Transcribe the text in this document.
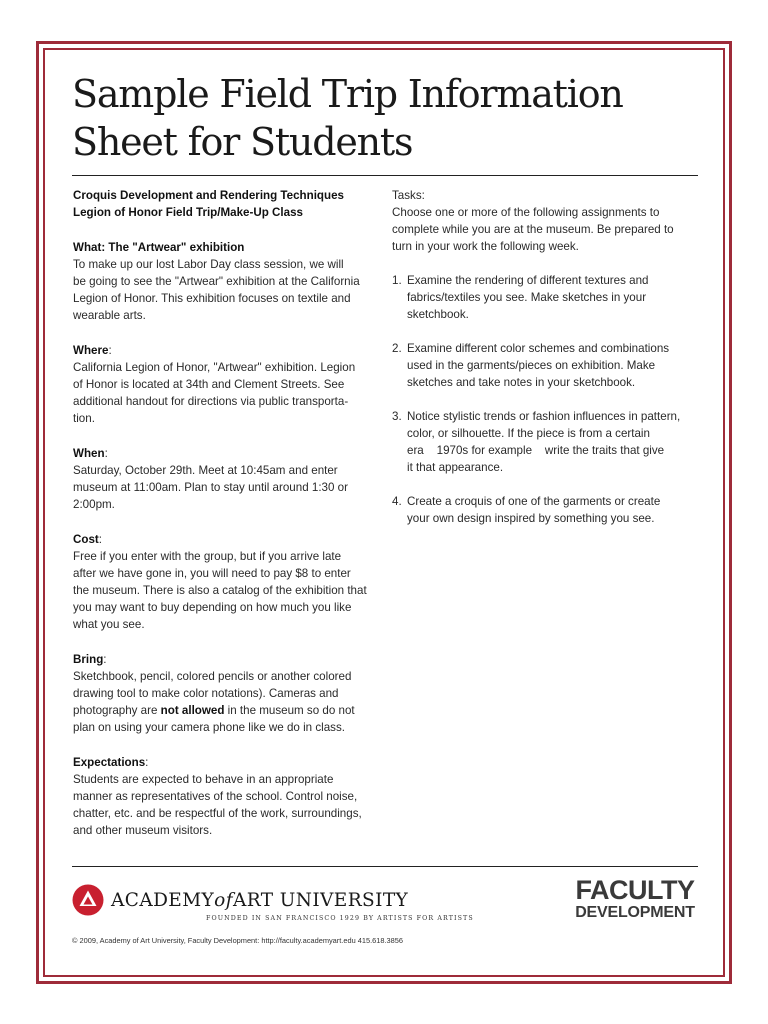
Sample Field Trip Information
Sheet for Students
Croquis Development and Rendering Techniques
Legion of Honor Field Trip/Make-Up Class
What: The "Artwear" exhibition
To make up our lost Labor Day class session, we will
be going to see the "Artwear" exhibition at the California
Legion of Honor. This exhibition focuses on textile and
wearable arts.
Where:
California Legion of Honor, "Artwear" exhibition. Legion
of Honor is located at 34th and Clement Streets. See
additional handout for directions via public transporta-
tion.
When:
Saturday, October 29th. Meet at 10:45am and enter
museum at 11:00am. Plan to stay until around 1:30 or
2:00pm.
Cost:
Free if you enter with the group, but if you arrive late
after we have gone in, you will need to pay $8 to enter
the museum. There is also a catalog of the exhibition that
you may want to buy depending on how much you like
what you see.
Bring:
Sketchbook, pencil, colored pencils or another colored
drawing tool to make color notations). Cameras and
photography are not allowed in the museum so do not
plan on using your camera phone like we do in class.
Expectations:
Students are expected to behave in an appropriate
manner as representatives of the school. Control noise,
chatter, etc. and be respectful of the work, surroundings,
and other museum visitors.
Tasks:
Choose one or more of the following assignments to
complete while you are at the museum. Be prepared to
turn in your work the following week.
1. Examine the rendering of different textures and
fabrics/textiles you see. Make sketches in your
sketchbook.
2. Examine different color schemes and combinations
used in the garments/pieces on exhibition. Make
sketches and take notes in your sketchbook.
3. Notice stylistic trends or fashion influences in pattern,
color, or silhouette. If the piece is from a certain
era    1970s for example    write the traits that give
it that appearance.
4. Create a croquis of one of the garments or create
your own design inspired by something you see.
ACADEMYofART UNIVERSITY
FOUNDED IN SAN FRANCISCO 1929 BY ARTISTS FOR ARTISTS
FACULTY
DEVELOPMENT
© 2009, Academy of Art University, Faculty Development: http://faculty.academyart.edu 415.618.3856
